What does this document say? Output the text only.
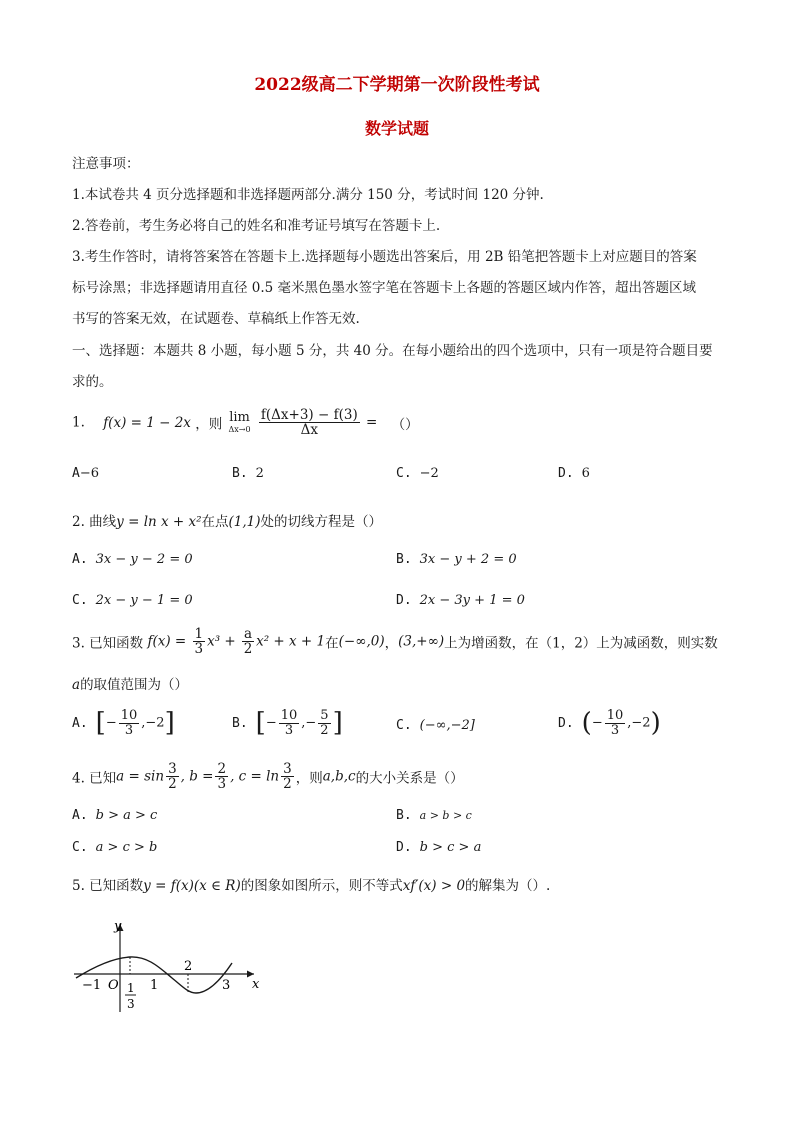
2022级高二下学期第一次阶段性考试
数学试题
注意事项：
1.本试卷共 4 页分选择题和非选择题两部分.满分 150 分，考试时间 120 分钟.
2.答卷前，考生务必将自己的姓名和准考证号填写在答题卡上.
3.考生作答时，请将答案答在答题卡上.选择题每小题选出答案后，用 2B 铅笔把答题卡上对应题目的答案
标号涂黑；非选择题请用直径 0.5 毫米黑色墨水签字笔在答题卡上各题的答题区域内作答，超出答题区域
书写的答案无效，在试题卷、草稿纸上作答无效.
一、选择题：本题共 8 小题，每小题 5 分，共 40 分。在每小题给出的四个选项中，只有一项是符合题目要
求的。
1. f(x) = 1 − 2x ，则 lim
Δx→0
$\frac{f(\Delta x+3) - f(3)}{\Delta x}$ = （）
A−6	B. 2	C. −2	D. 6
2. 曲线y = ln x + x²在点(1,1)处的切线方程是（）
A. 3x − y − 2 = 0	B. 3x − y + 2 = 0
C. 2x − y − 1 = 0	D. 2x − 3y + 1 = 0
3. 已知函数 $f(x) = \frac{1}{3} x^3 + \frac{a}{2} x^2 + x + 1$在(−∞,0)，(3,+∞)上为增函数，在（1，2）上为减函数，则实数
a的取值范围为（）
A. [− $\frac{10}{3} ,-2$]	B. [− $\frac{10}{3}$ ,− $\frac{5}{2}$ ]	C. (−∞,−2]	D. (− $\frac{10}{3} ,-2$)
4. 已知$a = \sin \frac{3}{2}$ , $b = \frac{2}{3}$ , $c = \ln \frac{3}{2}$ ，则a,b,c的大小关系是（）
A. b > a > c	B. a > b > c
C. a > c > b	D. b > c > a
5. 已知函数y = f(x)(x ∈ R)的图象如图所示，则不等式xf′(x) > 0的解集为（）.
y
x
O
−1	1
1
3
2
3
